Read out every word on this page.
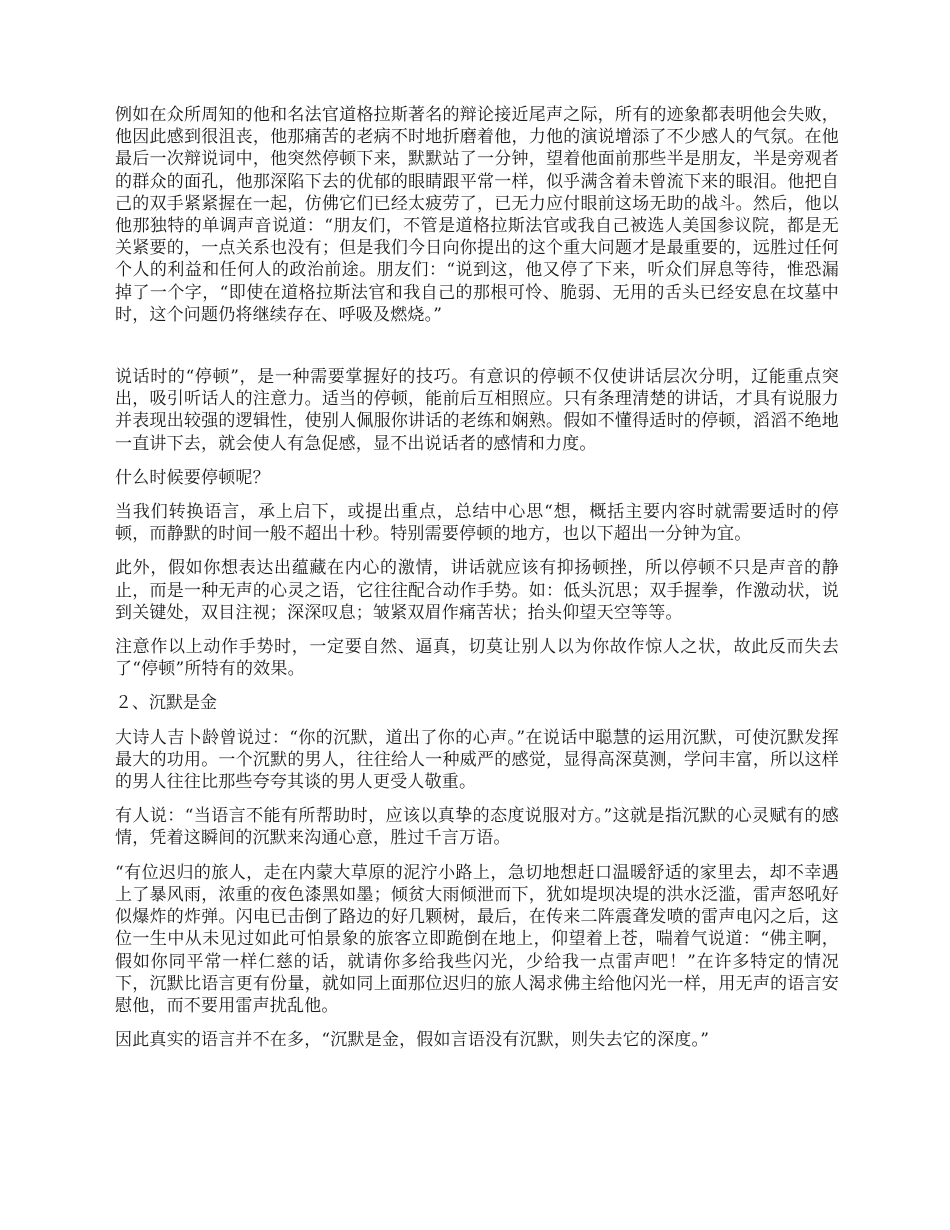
例如在众所周知的他和名法官道格拉斯著名的辩论接近尾声之际，所有的迹象都表明他会失败，他因此感到很沮丧，他那痛苦的老病不时地折磨着他，力他的演说增添了不少感人的气氛。在他最后一次辩说词中，他突然停顿下来，默默站了一分钟，望着他面前那些半是朋友，半是旁观者的群众的面孔，他那深陷下去的优郁的眼睛跟平常一样，似乎满含着未曾流下来的眼泪。他把自己的双手紧紧握在一起，仿佛它们已经太疲劳了，已无力应付眼前这场无助的战斗。然后，他以他那独特的单调声音说道：“朋友们，不管是道格拉斯法官或我自己被选人美国参议院，都是无关紧要的，一点关系也没有；但是我们今日向你提出的这个重大问题才是最重要的，远胜过任何个人的利益和任何人的政治前途。朋友们：“说到这，他又停了下来，听众们屏息等待，惟恐漏掉了一个字，“即使在道格拉斯法官和我自己的那根可怜、脆弱、无用的舌头已经安息在坟墓中时，这个问题仍将继续存在、呼吸及燃烧。”

说话时的“停顿”，是一种需要掌握好的技巧。有意识的停顿不仅使讲话层次分明，辽能重点突出，吸引听话人的注意力。适当的停顿，能前后互相照应。只有条理清楚的讲话，才具有说服力并表现出较强的逻辑性，使别人佩服你讲话的老练和娴熟。假如不懂得适时的停顿，滔滔不绝地一直讲下去，就会使人有急促感，显不出说话者的感情和力度。

什么时候要停顿呢？

当我们转换语言，承上启下，或提出重点，总结中心思“想，概括主要内容时就需要适时的停顿，而静默的时间一般不超出十秒。特别需要停顿的地方，也以下超出一分钟为宜。

此外，假如你想表达出蕴藏在内心的激情，讲话就应该有抑扬顿挫，所以停顿不只是声音的静止，而是一种无声的心灵之语，它往往配合动作手势。如：低头沉思；双手握拳，作激动状，说到关键处，双目注视；深深叹息；皱紧双眉作痛苦状；抬头仰望天空等等。

注意作以上动作手势时，一定要自然、逼真，切莫让别人以为你故作惊人之状，故此反而失去了“停顿”所特有的效果。

２、沉默是金

大诗人吉卜龄曾说过：“你的沉默，道出了你的心声。”在说话中聪慧的运用沉默，可使沉默发挥最大的功用。一个沉默的男人，往往给人一种威严的感觉，显得高深莫测，学问丰富，所以这样的男人往往比那些夸夸其谈的男人更受人敬重。

有人说：“当语言不能有所帮助时，应该以真挚的态度说服对方。”这就是指沉默的心灵赋有的感情，凭着这瞬间的沉默来沟通心意，胜过千言万语。

“有位迟归的旅人，走在内蒙大草原的泥泞小路上，急切地想赶口温暖舒适的家里去，却不幸遇上了暴风雨，浓重的夜色漆黑如墨；倾贫大雨倾泄而下，犹如堤坝决堤的洪水泛滥，雷声怒吼好似爆炸的炸弹。闪电已击倒了路边的好几颗树，最后，在传来二阵震聋发喷的雷声电闪之后，这位一生中从未见过如此可怕景象的旅客立即跪倒在地上，仰望着上苍，喘着气说道：“佛主啊，假如你同平常一样仁慈的话，就请你多给我些闪光，少给我一点雷声吧！”在许多特定的情况下，沉默比语言更有份量，就如同上面那位迟归的旅人渴求佛主给他闪光一样，用无声的语言安慰他，而不要用雷声扰乱他。

因此真实的语言并不在多，“沉默是金，假如言语没有沉默，则失去它的深度。”
